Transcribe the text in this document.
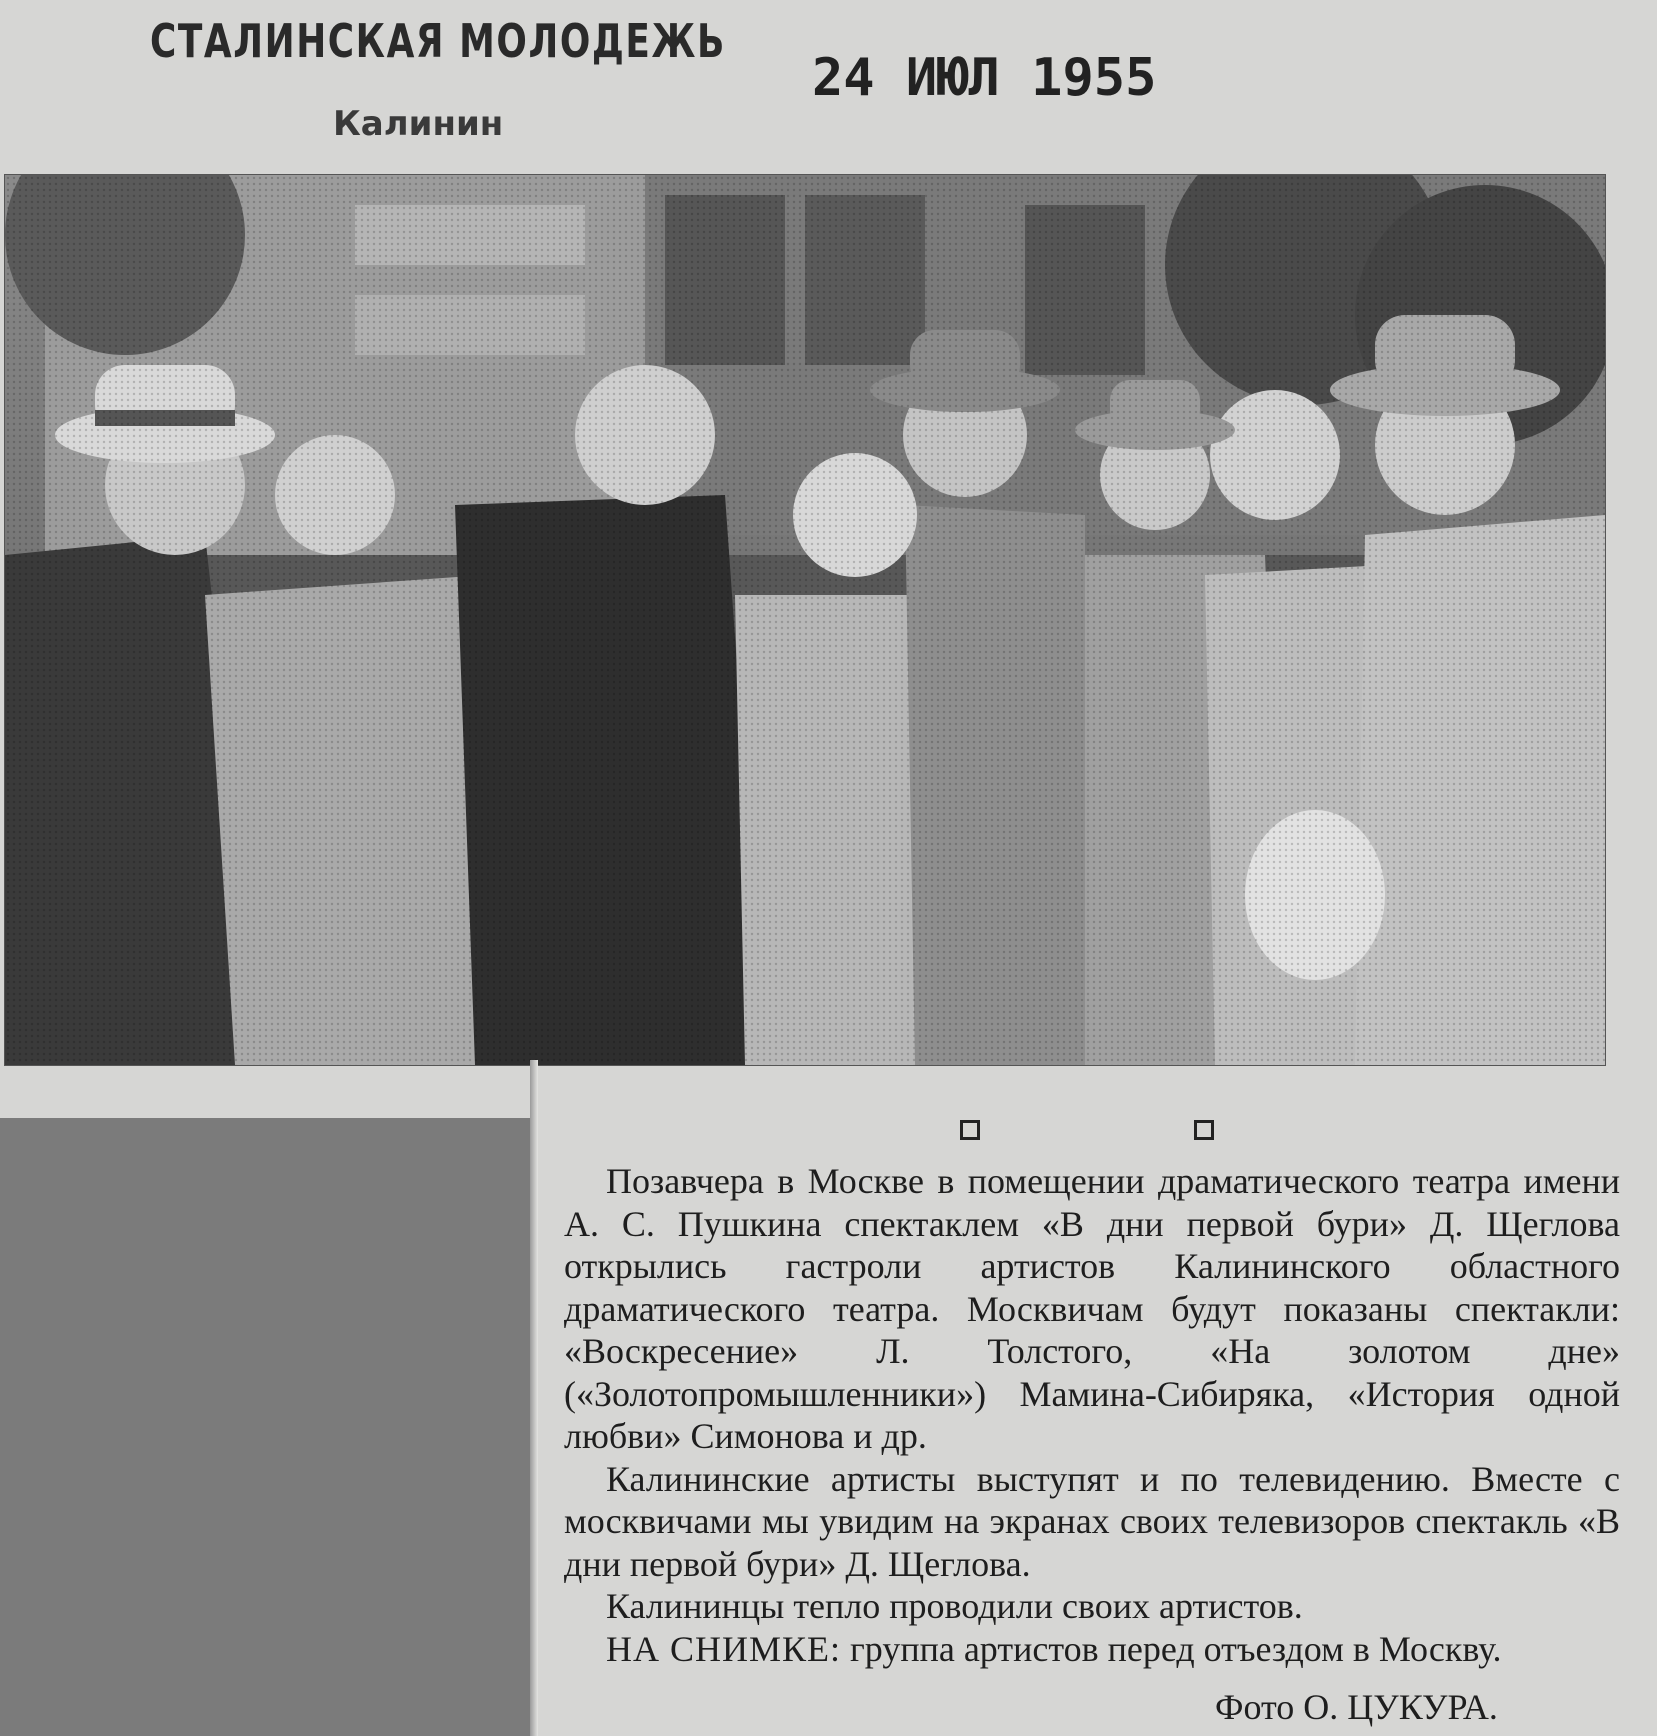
СТАЛИНСКАЯ МОЛОДЕЖЬ
Калинин
24 ИЮЛ 1955

Позавчера в Москве в помещении драматического театра имени А. С. Пушкина спектаклем «В дни первой бури» Д. Щеглова открылись гастроли артистов Калининского областного драматического театра. Москвичам будут показаны спектакли: «Воскресение» Л. Толстого, «На золотом дне» («Золотопромышленники») Мамина-Сибиряка, «История одной любви» Симонова и др.

Калининские артисты выступят и по телевидению. Вместе с москвичами мы увидим на экранах своих телевизоров спектакль «В дни первой бури» Д. Щеглова.

Калининцы тепло проводили своих артистов.

НА СНИМКЕ: группа артистов перед отъездом в Москву.

Фото О. ЦУКУРА.
